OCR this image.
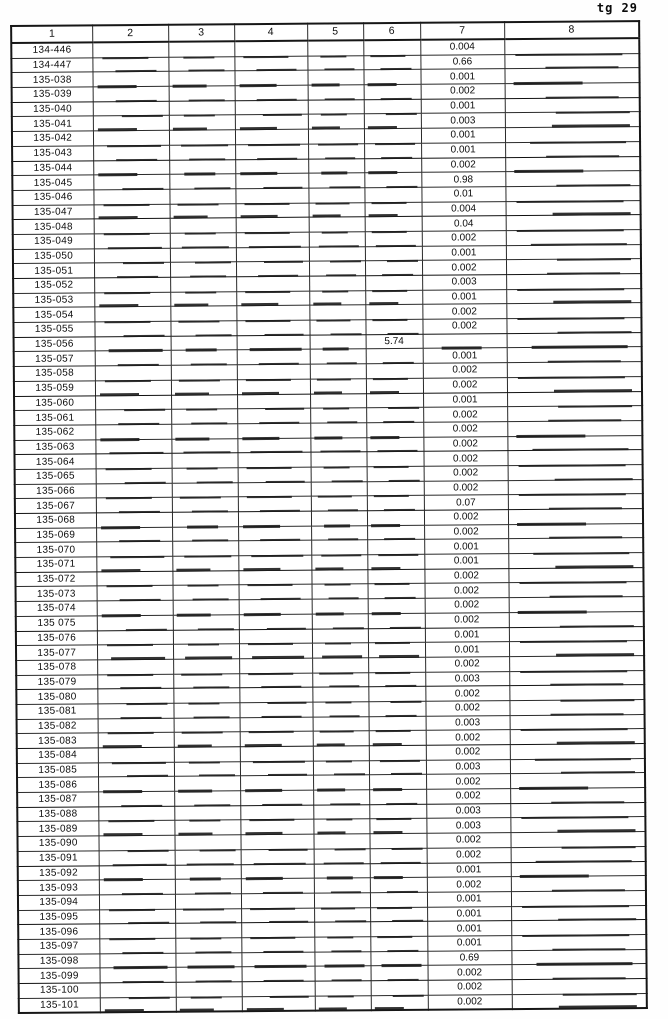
tg 29
1	2	3	4	5	6	7	8
134-446						0.004	
134-447						0.66	
135-038						0.001	
135-039						0.002	
135-040						0.001	
135-041						0.003	
135-042						0.001	
135-043						0.001	
135-044						0.002	
135-045						0.98	
135-046						0.01	
135-047						0.004	
135-048						0.04	
135-049						0.002	
135-050						0.001	
135-051						0.002	
135-052						0.003	
135-053						0.001	
135-054						0.002	
135-055						0.002	
135-056					5.74		
135-057						0.001	
135-058						0.002	
135-059						0.002	
135-060						0.001	
135-061						0.002	
135-062						0.002	
135-063						0.002	
135-064						0.002	
135-065						0.002	
135-066						0.002	
135-067						0.07	
135-068						0.002	
135-069						0.002	
135-070						0.001	
135-071						0.001	
135-072						0.002	
135-073						0.002	
135-074						0.002	
135 075						0.002	
135-076						0.001	
135-077						0.001	
135-078						0.002	
135-079						0.003	
135-080						0.002	
135-081						0.002	
135-082						0.003	
135-083						0.002	
135-084						0.002	
135-085						0.003	
135-086						0.002	
135-087						0.002	
135-088						0.003	
135-089						0.003	
135-090						0.002	
135-091						0.002	
135-092						0.001	
135-093						0.002	
135-094						0.001	
135-095						0.001	
135-096						0.001	
135-097						0.001	
135-098						0.69	
135-099						0.002	
135-100						0.002	
135-101						0.002	
